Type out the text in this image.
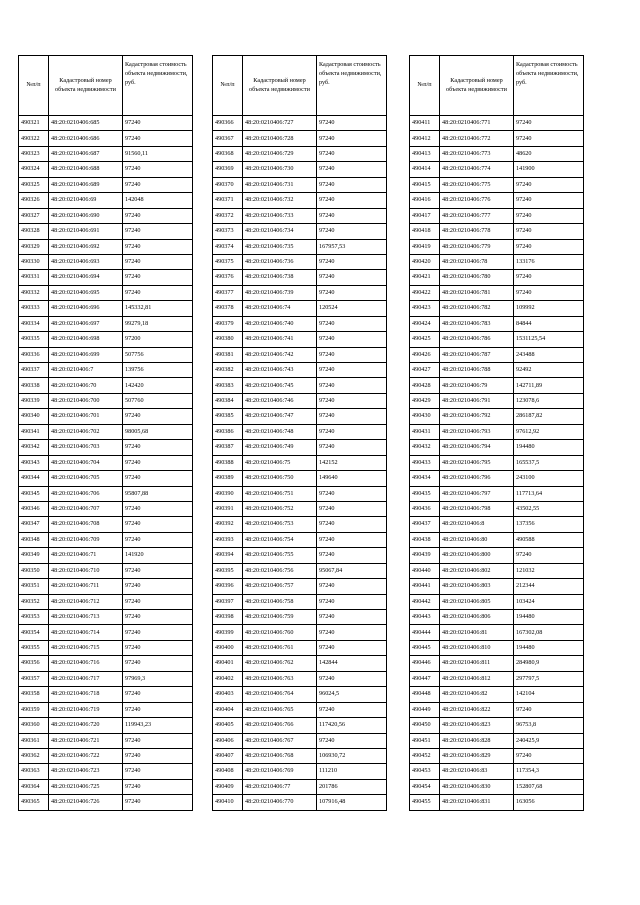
№п/п	Кадастровый номер объекта недвижимости	Кадастровая стоимость объекта недвижимости, руб.
490321	48:20:0210406:685	97240
490322	48:20:0210406:686	97240
490323	48:20:0210406:687	91560,11
490324	48:20:0210406:688	97240
490325	48:20:0210406:689	97240
490326	48:20:0210406:69	142048
490327	48:20:0210406:690	97240
490328	48:20:0210406:691	97240
490329	48:20:0210406:692	97240
490330	48:20:0210406:693	97240
490331	48:20:0210406:694	97240
490332	48:20:0210406:695	97240
490333	48:20:0210406:696	145332,81
490334	48:20:0210406:697	99279,18
490335	48:20:0210406:698	97200
490336	48:20:0210406:699	507756
490337	48:20:0210406:7	139756
490338	48:20:0210406:70	142420
490339	48:20:0210406:700	507760
490340	48:20:0210406:701	97240
490341	48:20:0210406:702	98005,68
490342	48:20:0210406:703	97240
490343	48:20:0210406:704	97240
490344	48:20:0210406:705	97240
490345	48:20:0210406:706	95807,88
490346	48:20:0210406:707	97240
490347	48:20:0210406:708	97240
490348	48:20:0210406:709	97240
490349	48:20:0210406:71	141920
490350	48:20:0210406:710	97240
490351	48:20:0210406:711	97240
490352	48:20:0210406:712	97240
490353	48:20:0210406:713	97240
490354	48:20:0210406:714	97240
490355	48:20:0210406:715	97240
490356	48:20:0210406:716	97240
490357	48:20:0210406:717	97969,3
490358	48:20:0210406:718	97240
490359	48:20:0210406:719	97240
490360	48:20:0210406:720	119943,23
490361	48:20:0210406:721	97240
490362	48:20:0210406:722	97240
490363	48:20:0210406:723	97240
490364	48:20:0210406:725	97240
490365	48:20:0210406:726	97240
№п/п	Кадастровый номер объекта недвижимости	Кадастровая стоимость объекта недвижимости, руб.
490366	48:20:0210406:727	97240
490367	48:20:0210406:728	97240
490368	48:20:0210406:729	97240
490369	48:20:0210406:730	97240
490370	48:20:0210406:731	97240
490371	48:20:0210406:732	97240
490372	48:20:0210406:733	97240
490373	48:20:0210406:734	97240
490374	48:20:0210406:735	167957,53
490375	48:20:0210406:736	97240
490376	48:20:0210406:738	97240
490377	48:20:0210406:739	97240
490378	48:20:0210406:74	120524
490379	48:20:0210406:740	97240
490380	48:20:0210406:741	97240
490381	48:20:0210406:742	97240
490382	48:20:0210406:743	97240
490383	48:20:0210406:745	97240
490384	48:20:0210406:746	97240
490385	48:20:0210406:747	97240
490386	48:20:0210406:748	97240
490387	48:20:0210406:749	97240
490388	48:20:0210406:75	142152
490389	48:20:0210406:750	149640
490390	48:20:0210406:751	97240
490391	48:20:0210406:752	97240
490392	48:20:0210406:753	97240
490393	48:20:0210406:754	97240
490394	48:20:0210406:755	97240
490395	48:20:0210406:756	95067,84
490396	48:20:0210406:757	97240
490397	48:20:0210406:758	97240
490398	48:20:0210406:759	97240
490399	48:20:0210406:760	97240
490400	48:20:0210406:761	97240
490401	48:20:0210406:762	142844
490402	48:20:0210406:763	97240
490403	48:20:0210406:764	96024,5
490404	48:20:0210406:765	97240
490405	48:20:0210406:766	117420,56
490406	48:20:0210406:767	97240
490407	48:20:0210406:768	106930,72
490408	48:20:0210406:769	111210
490409	48:20:0210406:77	201786
490410	48:20:0210406:770	107916,48
№п/п	Кадастровый номер объекта недвижимости	Кадастровая стоимость объекта недвижимости, руб.
490411	48:20:0210406:771	97240
490412	48:20:0210406:772	97240
490413	48:20:0210406:773	48620
490414	48:20:0210406:774	141900
490415	48:20:0210406:775	97240
490416	48:20:0210406:776	97240
490417	48:20:0210406:777	97240
490418	48:20:0210406:778	97240
490419	48:20:0210406:779	97240
490420	48:20:0210406:78	133176
490421	48:20:0210406:780	97240
490422	48:20:0210406:781	97240
490423	48:20:0210406:782	109992
490424	48:20:0210406:783	84844
490425	48:20:0210406:786	1531125,54
490426	48:20:0210406:787	243488
490427	48:20:0210406:788	92492
490428	48:20:0210406:79	142711,89
490429	48:20:0210406:791	123078,6
490430	48:20:0210406:792	286187,82
490431	48:20:0210406:793	97612,92
490432	48:20:0210406:794	194480
490433	48:20:0210406:795	165537,5
490434	48:20:0210406:796	243100
490435	48:20:0210406:797	117713,64
490436	48:20:0210406:798	43502,55
490437	48:20:0210406:8	137356
490438	48:20:0210406:80	490588
490439	48:20:0210406:800	97240
490440	48:20:0210406:802	121032
490441	48:20:0210406:803	212344
490442	48:20:0210406:805	103424
490443	48:20:0210406:806	194480
490444	48:20:0210406:81	167302,08
490445	48:20:0210406:810	194480
490446	48:20:0210406:811	284980,9
490447	48:20:0210406:812	297797,5
490448	48:20:0210406:82	142104
490449	48:20:0210406:822	97240
490450	48:20:0210406:823	96753,8
490451	48:20:0210406:828	240425,9
490452	48:20:0210406:829	97240
490453	48:20:0210406:83	117354,3
490454	48:20:0210406:830	152807,68
490455	48:20:0210406:831	163056
